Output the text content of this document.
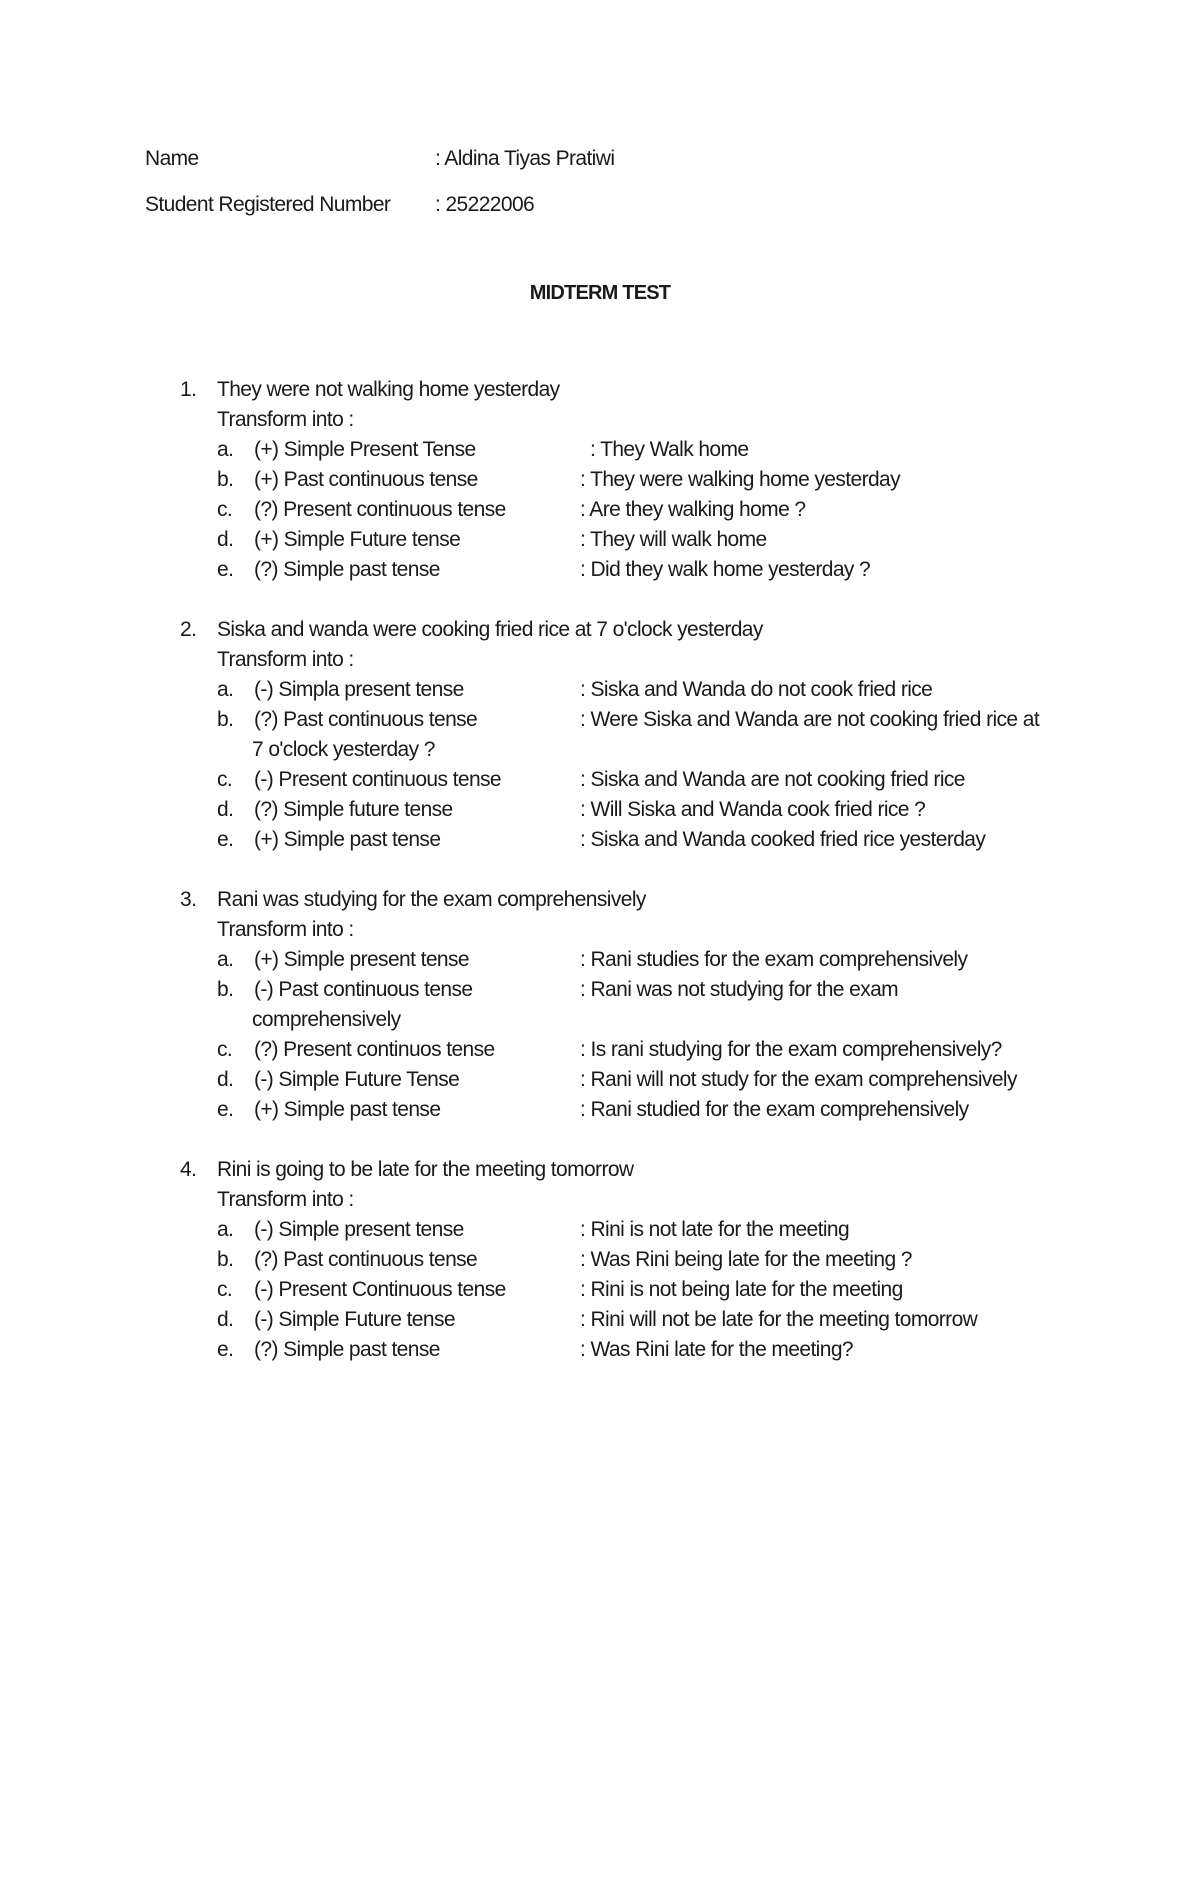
Name	: Aldina Tiyas Pratiwi
Student Registered Number : 25222006
MIDTERM TEST
1. They were not walking home yesterday
Transform into :
a. (+) Simple Present Tense	: They Walk home
b. (+) Past continuous tense	: They were walking home yesterday
c. (?) Present continuous tense	: Are they walking home ?
d. (+) Simple Future tense	: They will walk home
e. (?) Simple past tense	: Did they walk home yesterday ?
2. Siska and wanda were cooking fried rice at 7 o'clock yesterday
Transform into :
a. (-) Simpla present tense	: Siska and Wanda do not cook fried rice
b. (?) Past continuous tense	: Were Siska and Wanda are not cooking fried rice at
7 o'clock yesterday ?
c. (-) Present continuous tense	: Siska and Wanda are not cooking fried rice
d. (?) Simple future tense	: Will Siska and Wanda cook fried rice ?
e. (+) Simple past tense	: Siska and Wanda cooked fried rice yesterday
3. Rani was studying for the exam comprehensively
Transform into :
a. (+) Simple present tense	: Rani studies for the exam comprehensively
b. (-) Past continuous tense	: Rani was not studying for the exam
comprehensively
c. (?) Present continuos tense	: Is rani studying for the exam comprehensively?
d. (-) Simple Future Tense	: Rani will not study for the exam comprehensively
e. (+) Simple past tense	: Rani studied for the exam comprehensively
4. Rini is going to be late for the meeting tomorrow
Transform into :
a. (-) Simple present tense	: Rini is not late for the meeting
b. (?) Past continuous tense	: Was Rini being late for the meeting ?
c. (-) Present Continuous tense	: Rini is not being late for the meeting
d. (-) Simple Future tense	: Rini will not be late for the meeting tomorrow
e. (?) Simple past tense	: Was Rini late for the meeting?
